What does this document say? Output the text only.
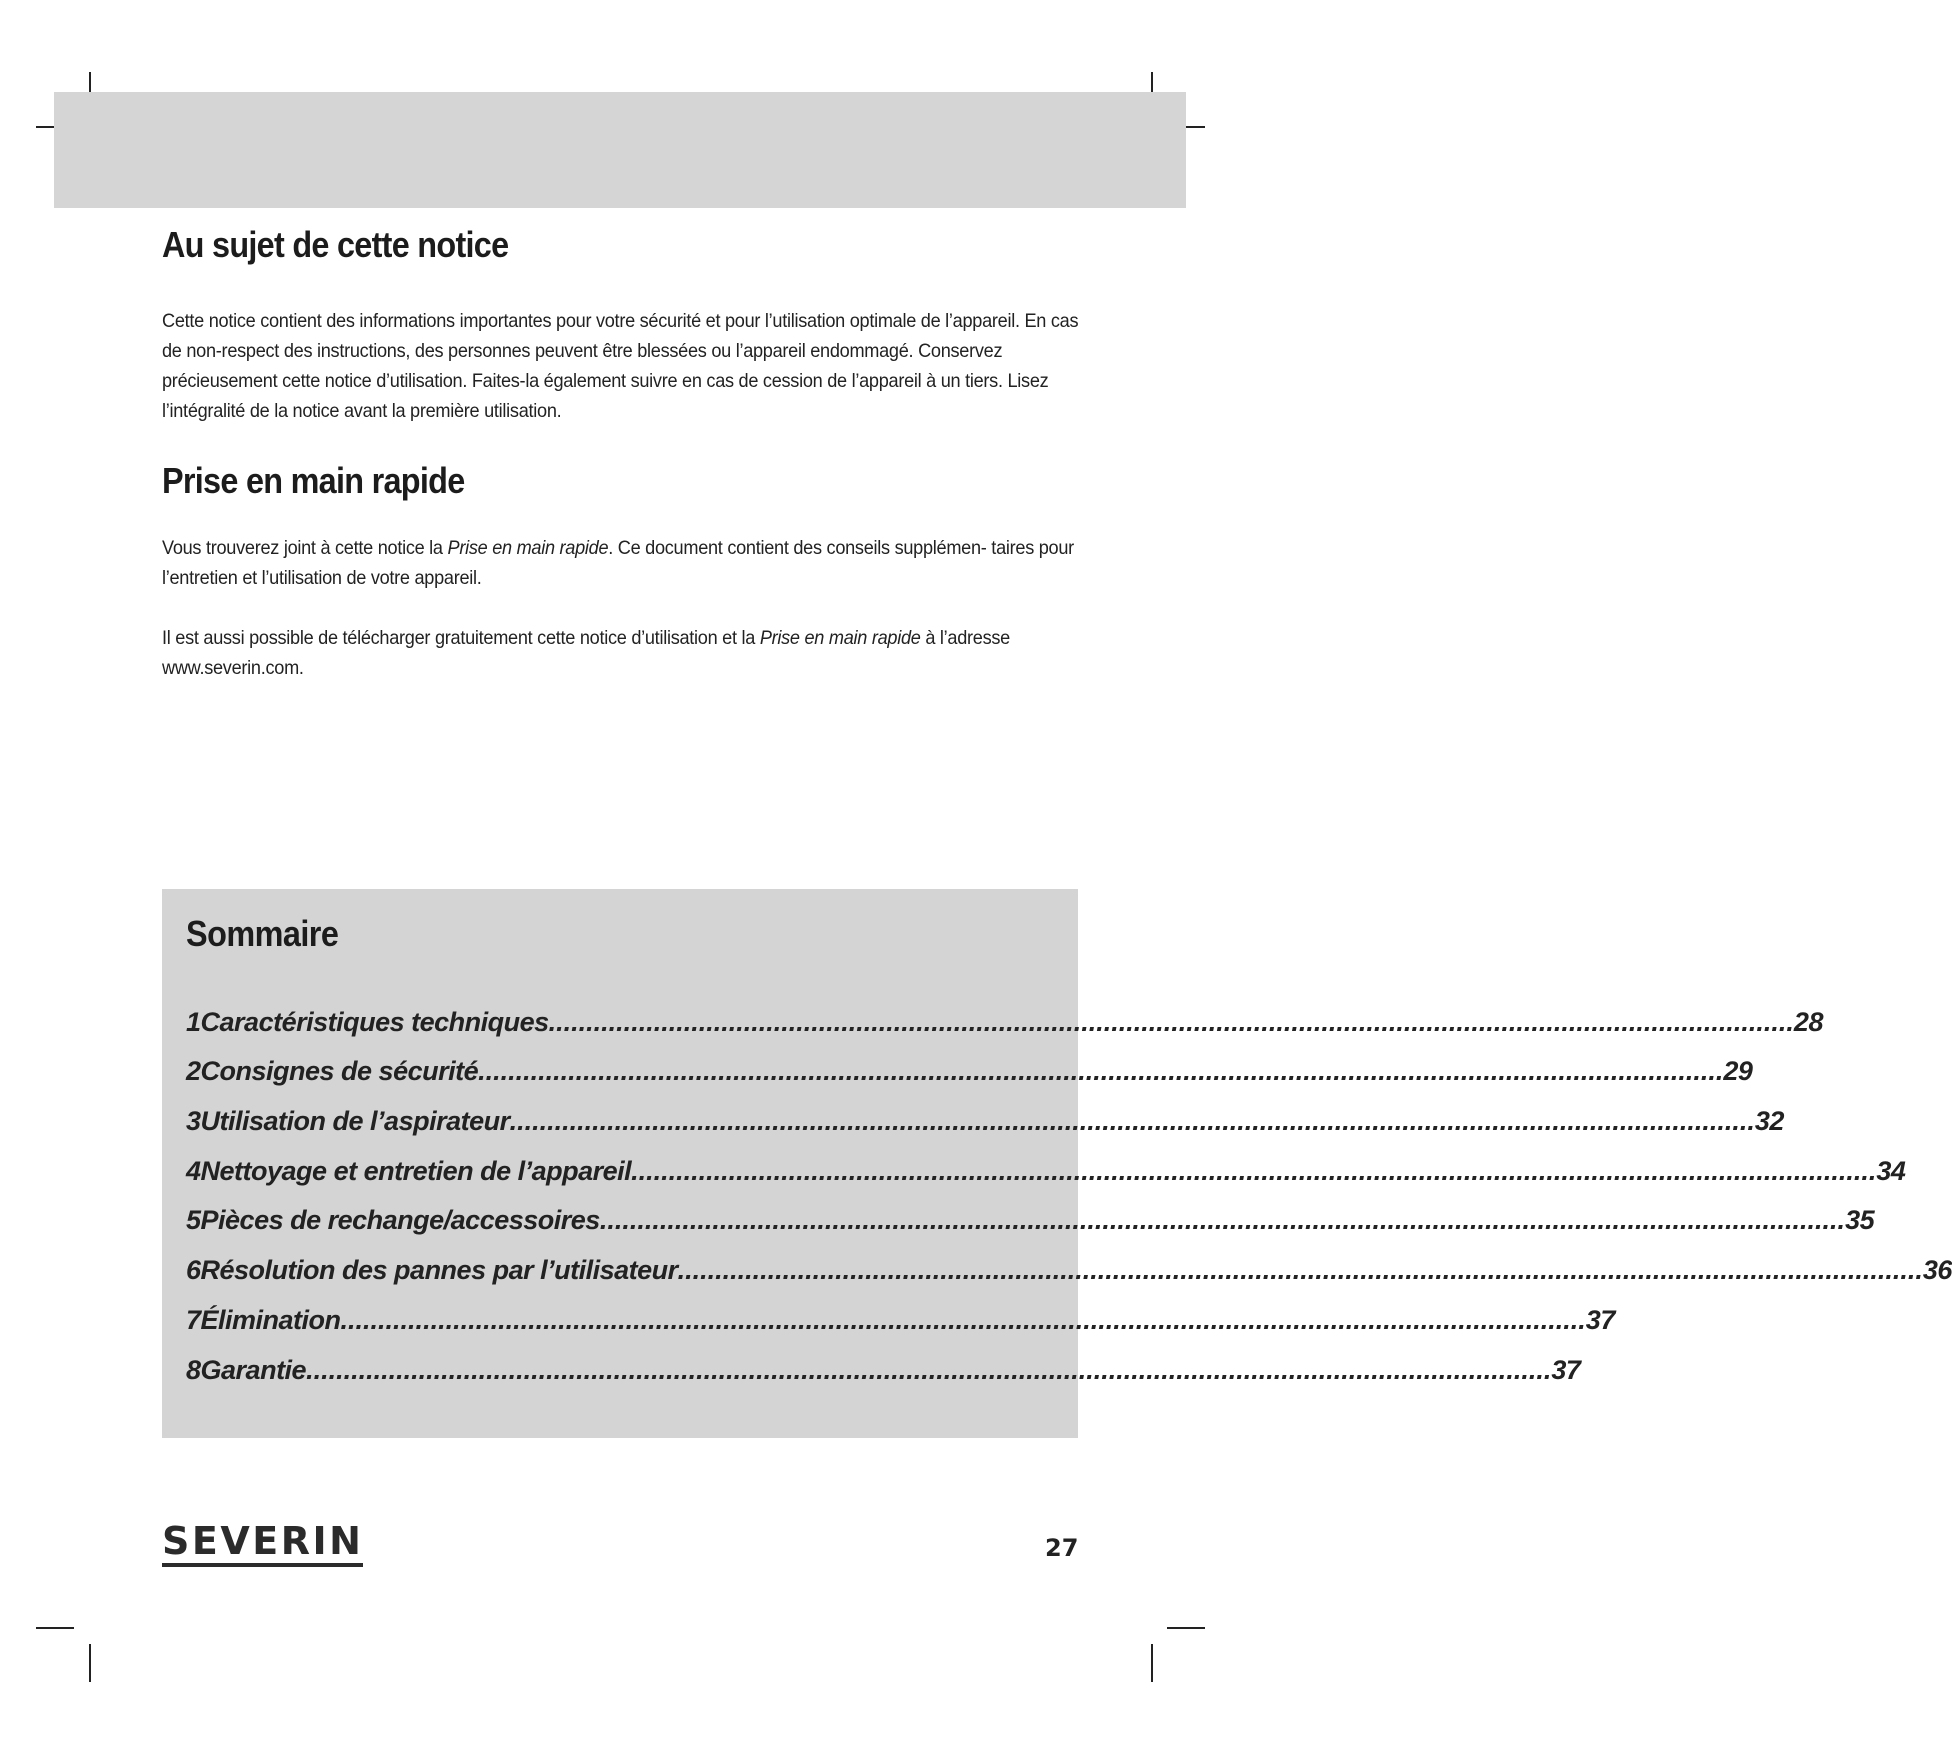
Au sujet de cette notice

Cette notice contient des informations importantes pour votre sécurité et pour l’utilisation optimale de l’appareil. En cas de non-respect des instructions, des personnes peuvent être blessées ou l’appareil endommagé. Conservez précieusement cette notice d’utilisation. Faites-la également suivre en cas de cession de l’appareil à un tiers. Lisez l’intégralité de la notice avant la première utilisation.

Prise en main rapide

Vous trouverez joint à cette notice la Prise en main rapide. Ce document contient des conseils supplémen- taires pour l’entretien et l’utilisation de votre appareil.

Il est aussi possible de télécharger gratuitement cette notice d’utilisation et la Prise en main rapide à l’adresse www.severin.com.

Sommaire
1 Caractéristiques techniques ...................................................................................................................................................................... 28
2 Consignes de sécurité ...................................................................................................................................................................... 29
3 Utilisation de l’aspirateur ...................................................................................................................................................................... 32
4 Nettoyage et entretien de l’appareil ...................................................................................................................................................................... 34
5 Pièces de rechange/accessoires ...................................................................................................................................................................... 35
6 Résolution des pannes par l’utilisateur ...................................................................................................................................................................... 36
7 Élimination ...................................................................................................................................................................... 37
8 Garantie ...................................................................................................................................................................... 37
SEVERIN	27
